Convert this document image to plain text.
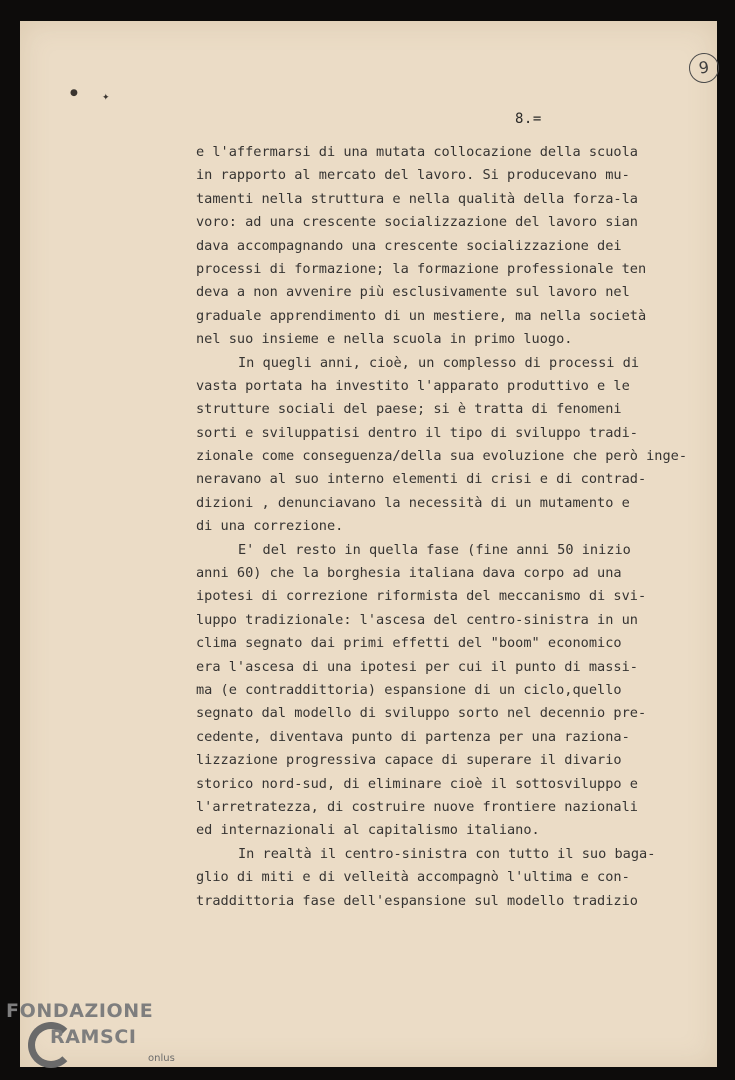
9
●	✦
8.=
e l'affermarsi di una mutata collocazione della scuola
in rapporto al mercato del lavoro. Si producevano mu-
tamenti nella struttura e nella qualità della forza-la
voro: ad una crescente socializzazione del lavoro sian
dava accompagnando una crescente socializzazione dei
processi di formazione; la formazione professionale ten
deva a non avvenire più esclusivamente sul lavoro nel
graduale apprendimento di un mestiere, ma nella società
nel suo insieme e nella scuola in primo luogo.
In quegli anni, cioè, un complesso di processi di
vasta portata ha investito l'apparato produttivo e le
strutture sociali del paese; si è tratta di fenomeni
sorti e sviluppatisi dentro il tipo di sviluppo tradi-
zionale come conseguenza/della sua evoluzione che però inge-
neravano al suo interno elementi di crisi e di contrad-
dizioni , denunciavano la necessità di un mutamento e
di una correzione.
E' del resto in quella fase (fine anni 50 inizio
anni 60) che la borghesia italiana dava corpo ad una
ipotesi di correzione riformista del meccanismo di svi-
luppo tradizionale: l'ascesa del centro-sinistra in un
clima segnato dai primi effetti del "boom" economico
era l'ascesa di una ipotesi per cui il punto di massi-
ma (e contraddittoria) espansione di un ciclo,quello
segnato dal modello di sviluppo sorto nel decennio pre-
cedente, diventava punto di partenza per una raziona-
lizzazione progressiva capace di superare il divario
storico nord-sud, di eliminare cioè il sottosviluppo e
l'arretratezza, di costruire nuove frontiere nazionali
ed internazionali al capitalismo italiano.
In realtà il centro-sinistra con tutto il suo baga-
glio di miti e di velleità accompagnò l'ultima e con-
traddittoria fase dell'espansione sul modello tradizio
FONDAZIONE
RAMSCI
onlus
